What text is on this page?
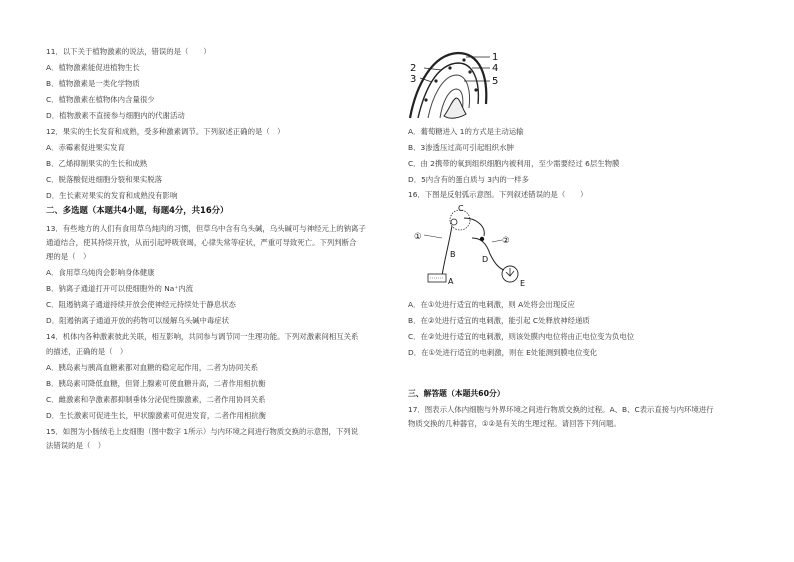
11．以下关于植物激素的说法，错误的是（　　）
A．植物激素能促进植物生长
B．植物激素是一类化学物质
C．植物激素在植物体内含量很少
D．植物激素不直接参与细胞内的代谢活动
12．果实的生长发育和成熟，受多种激素调节。下列叙述正确的是（　）
A．赤霉素促进果实发育
B．乙烯抑制果实的生长和成熟
C．脱落酸促进细胞分裂和果实脱落
D．生长素对果实的发育和成熟没有影响
二、多选题（本题共4小题，每题4分，共16分）
13．有些地方的人们有食用草乌炖肉的习惯，但草乌中含有乌头碱，乌头碱可与神经元上的钠离子
通道结合，使其持续开放，从而引起呼吸衰竭，心律失常等症状，严重可导致死亡。下列判断合
理的是（　）
A．食用草乌炖肉会影响身体健康
B．钠离子通道打开可以使细胞外的 Na⁺内流
C．阻遏钠离子通道持续开放会使神经元持续处于静息状态
D．阻遏钠离子通道开放的药物可以缓解乌头碱中毒症状
14．机体内各种激素彼此关联，相互影响，共同参与调节同一生理功能。下列对激素间相互关系
的描述，正确的是（　）
A．胰岛素与胰高血糖素都对血糖的稳定起作用，二者为协同关系
B．胰岛素可降低血糖，但肾上腺素可使血糖升高，二者作用相抗衡
C．雌激素和孕激素都抑制垂体分泌促性腺激素，二者作用协同关系
D．生长激素可促进生长，甲状腺激素可促进发育，二者作用相抗衡
15．如图为小肠绒毛上皮细胞（图中数字 1所示）与内环境之间进行物质交换的示意图，下列说
法错误的是（　）
1
2
3
4
5
A．葡萄糖进入 1的方式是主动运输
B．3渗透压过高可引起组织水肿
C．由 2携带的氧到组织细胞内被利用，至少需要经过 6层生物膜
D．5内含有的蛋白质与 3内的一样多
16．下图是反射弧示意图。下列叙述错误的是（　　）
C
①	②
B
D
A	E
A．在①处进行适宜的电刺激，则 A处将会出现反应
B．在②处进行适宜的电刺激，能引起 C处释放神经递质
C．在②处进行适宜的电刺激，则该处膜内电位将由正电位变为负电位
D．在①处进行适宜的电刺激，则在 E处能测到膜电位变化
三、解答题（本题共60分）
17．图表示人体内细胞与外界环境之间进行物质交换的过程。A、B、C表示直接与内环境进行
物质交换的几种器官，①②是有关的生理过程。请回答下列问题。
